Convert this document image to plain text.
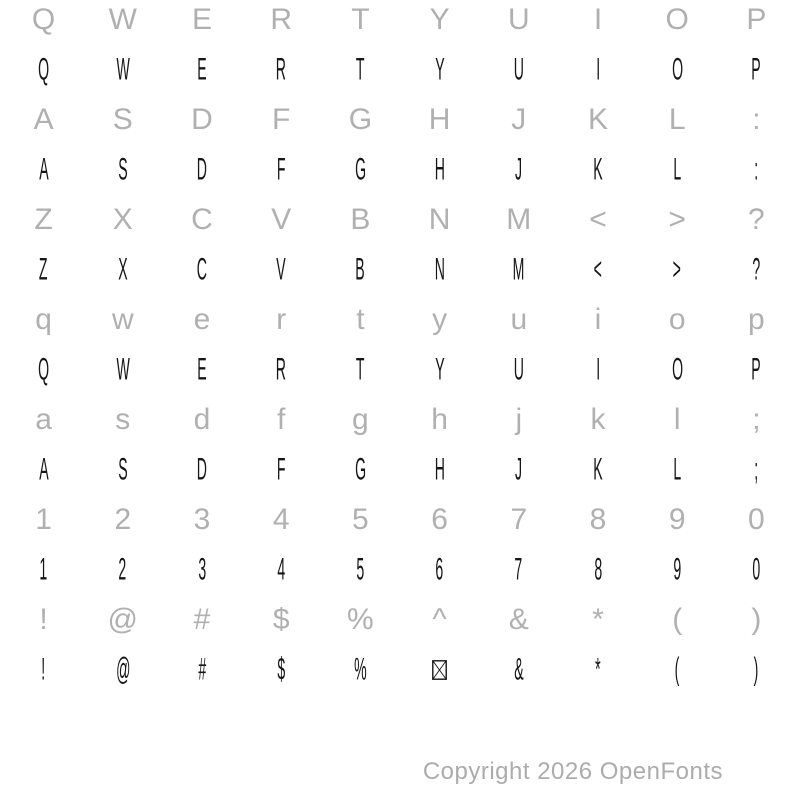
Q W E R T Y U I O P
Q W E R T Y U I O P
A S D F G H J K L :
A S D F G H J K L :
Z X C V B N M < > ?
Z X C V B N M < > ?
q w e r t y u i o p
Q W E R T Y U I O P
a s d f g h j k l ;
A S D F G H J K L ;
1 2 3 4 5 6 7 8 9 0
1 2 3 4 5 6 7 8 9 0
! @ # $ % ^ & * ( )
! @ # $ %	& * ( )
Copyright 2026 OpenFonts
